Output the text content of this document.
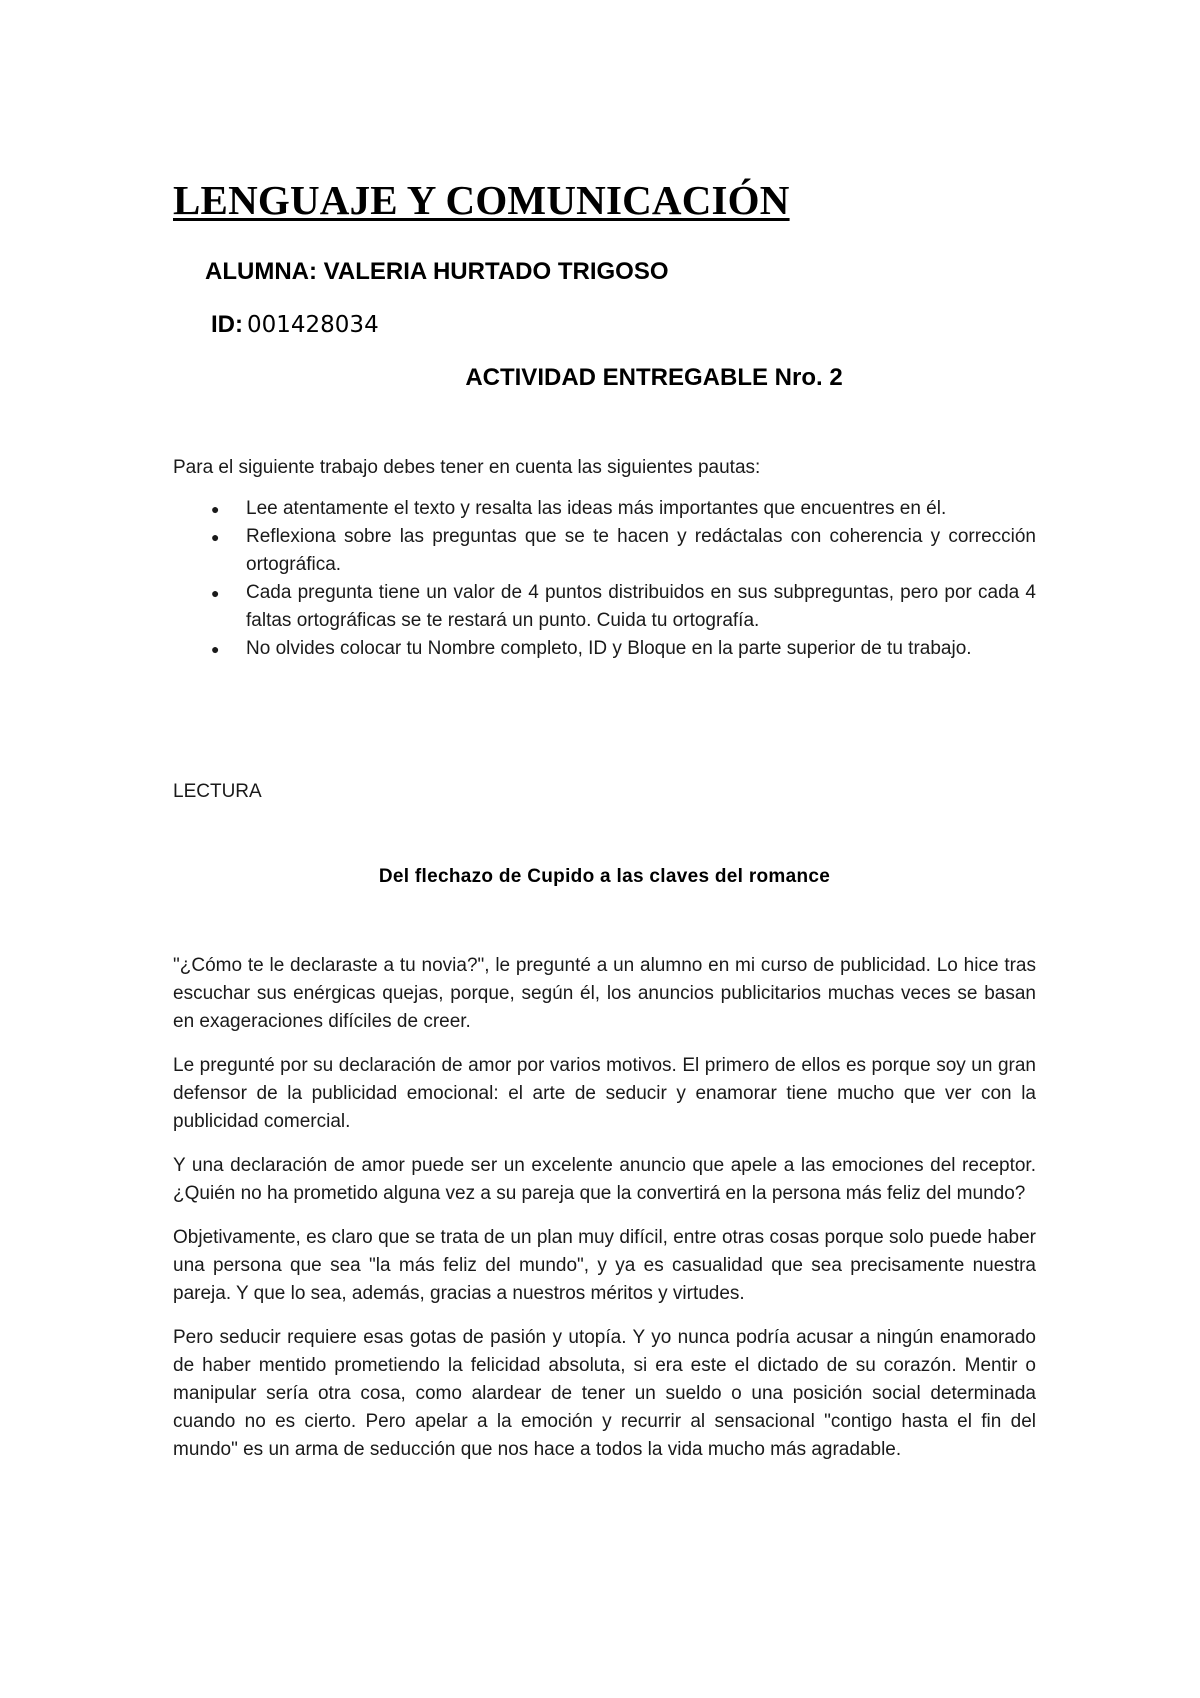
LENGUAJE Y COMUNICACIÓN
ALUMNA: VALERIA HURTADO TRIGOSO
ID: 001428034
ACTIVIDAD ENTREGABLE Nro. 2

Para el siguiente trabajo debes tener en cuenta las siguientes pautas:

● Lee atentamente el texto y resalta las ideas más importantes que encuentres en él.
● Reflexiona sobre las preguntas que se te hacen y redáctalas con coherencia y corrección ortográfica.
● Cada pregunta tiene un valor de 4 puntos distribuidos en sus subpreguntas, pero por cada 4 faltas ortográficas se te restará un punto. Cuida tu ortografía.
● No olvides colocar tu Nombre completo, ID y Bloque en la parte superior de tu trabajo.

LECTURA

Del flechazo de Cupido a las claves del romance

"¿Cómo te le declaraste a tu novia?", le pregunté a un alumno en mi curso de publicidad. Lo hice tras escuchar sus enérgicas quejas, porque, según él, los anuncios publicitarios muchas veces se basan en exageraciones difíciles de creer.

Le pregunté por su declaración de amor por varios motivos. El primero de ellos es porque soy un gran defensor de la publicidad emocional: el arte de seducir y enamorar tiene mucho que ver con la publicidad comercial.

Y una declaración de amor puede ser un excelente anuncio que apele a las emociones del receptor. ¿Quién no ha prometido alguna vez a su pareja que la convertirá en la persona más feliz del mundo?

Objetivamente, es claro que se trata de un plan muy difícil, entre otras cosas porque solo puede haber una persona que sea "la más feliz del mundo", y ya es casualidad que sea precisamente nuestra pareja. Y que lo sea, además, gracias a nuestros méritos y virtudes.

Pero seducir requiere esas gotas de pasión y utopía. Y yo nunca podría acusar a ningún enamorado de haber mentido prometiendo la felicidad absoluta, si era este el dictado de su corazón. Mentir o manipular sería otra cosa, como alardear de tener un sueldo o una posición social determinada cuando no es cierto. Pero apelar a la emoción y recurrir al sensacional "contigo hasta el fin del mundo" es un arma de seducción que nos hace a todos la vida mucho más agradable.
